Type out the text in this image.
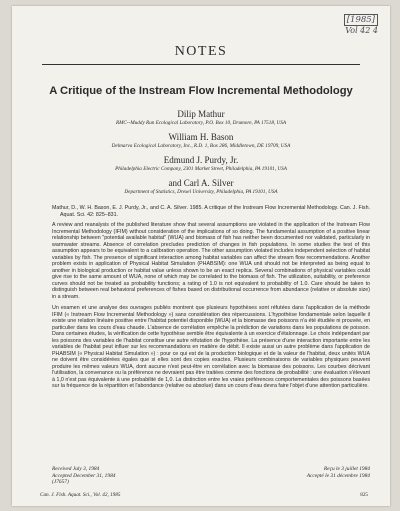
[1985]
Vol 42 4
NOTES
A Critique of the Instream Flow Incremental Methodology
Dilip Mathur
RMC--Muddy Run Ecological Laboratory, P.O. Box 10, Drumore, PA 17518, USA
William H. Bason
Delmarva Ecological Laboratory, Inc., R.D. 1, Box 286, Middletown, DE 19709, USA
Edmund J. Purdy, Jr.
Philadelphia Electric Company, 2301 Market Street, Philadelphia, PA 19101, USA
and Carl A. Silver
Department of Statistics, Drexel University, Philadelphia, PA 19101, USA

Mathur, D., W. H. Bason, E. J. Purdy, Jr., and C. A. Silver. 1985. A critique of the Instream Flow Incremental Methodology. Can. J. Fish. Aquat. Sci. 42: 825–831.

A review and reanalysis of the published literature show that several assumptions are violated in the application of the Instream Flow Incremental Methodology (IFIM) without consideration of the implications of so doing. The fundamental assumption of a positive linear relationship between "potential available habitat" (WUA) and biomass of fish has neither been documented nor validated, particularly in warmwater streams. Absence of correlation precludes prediction of changes in fish populations. In some studies the test of this assumption appears to be equivalent to a calibration operation. The other assumption violated includes independent selection of habitat variables by fish. The presence of significant interaction among habitat variables can affect the stream flow recommendations. Another problem exists in application of Physical Habitat Simulation (PHABSIM): one WUA unit should not be interpreted as being equal to another in biological production or habitat value unless shown to be an exact replica. Several combinations of physical variables could give rise to the same amount of WUA, none of which may be correlated to the biomass of fish. The utilization, suitability, or preference curves should not be treated as probability functions; a rating of 1.0 is not equivalent to probability of 1.0. Care should be taken to distinguish between real behavioral preferences of fishes based on distributional occurrence from abundance (relative or absolute size) in a stream.

Un examen et une analyse des ouvrages publiés montrent que plusieurs hypothèses sont réfutées dans l'application de la méthode IFIM (« Instream Flow Incremental Methodology ») sans considération des répercussions. L'hypothèse fondamentale selon laquelle il existe une relation linéaire positive entre l'habitat potentiel disponible (WUA) et la biomasse des poissons n'a été étudiée ni prouvée, en particulier dans les cours d'eau chaude. L'absence de corrélation empêche la prédiction de variations dans les populations de poisson. Dans certaines études, la vérification de cette hypothèse semble être équivalente à un exercice d'étalonnage. Le choix indépendant par les poissons des variables de l'habitat constitue une autre réfutation de l'hypothèse. La présence d'une interaction importante entre les variables de l'habitat peut influer sur les recommandations en matière de débit. Il existe aussi un autre problème dans l'application de PHABSIM (« Physical Habitat Simulation ») : pour ce qui est de la production biologique et de la valeur de l'habitat, deux unités WUA ne doivent être considérées égales que si elles sont des copies exactes. Plusieurs combinaisons de variables physiques peuvent produire les mêmes valeurs WUA, dont aucune n'est peut-être en corrélation avec la biomasse des poissons. Les courbes décrivant l'utilisation, la convenance ou la préférence ne devraient pas être traitées comme des fonctions de probabilité : une évaluation s'élevant à 1,0 n'est pas équivalente à une probabilité de 1,0. La distinction entre les vraies préférences comportementales des poissons basées sur la fréquence de la répartition et l'abondance (relative ou absolue) dans un cours d'eau devra faire l'objet d'une attention particulière.

Received July 3, 1984
Accepted December 31, 1984
(J7657)
Reçu le 3 juillet 1984
Accepté le 31 décembre 1984
Can. J. Fish. Aquat. Sci., Vol. 42, 1985	825
